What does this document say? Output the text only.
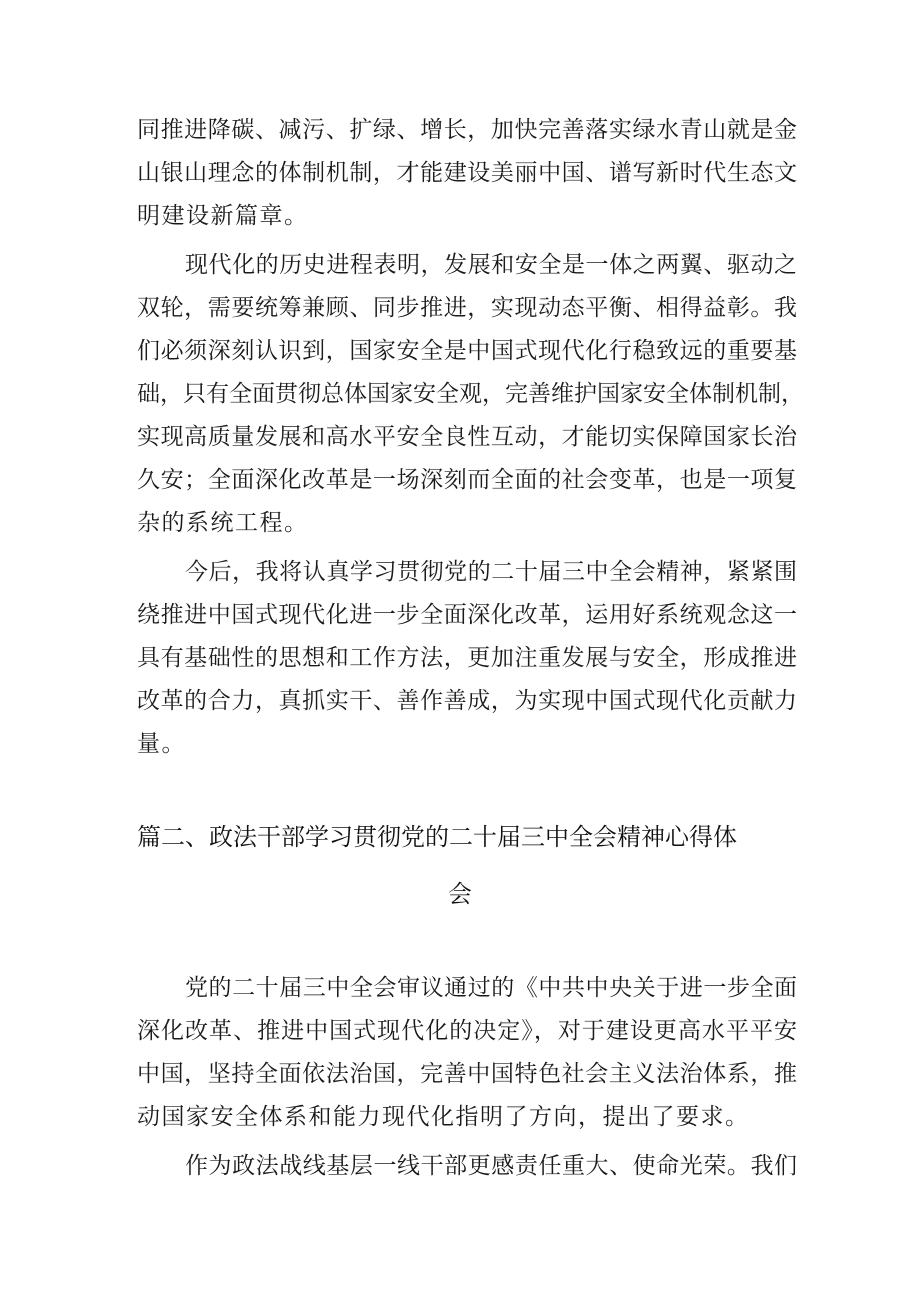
同推进降碳、减污、扩绿、增长，加快完善落实绿水青山就是金
山银山理念的体制机制，才能建设美丽中国、谱写新时代生态文
明建设新篇章。
现代化的历史进程表明，发展和安全是一体之两翼、驱动之
双轮，需要统筹兼顾、同步推进，实现动态平衡、相得益彰。我
们必须深刻认识到，国家安全是中国式现代化行稳致远的重要基
础，只有全面贯彻总体国家安全观，完善维护国家安全体制机制，
实现高质量发展和高水平安全良性互动，才能切实保障国家长治
久安；全面深化改革是一场深刻而全面的社会变革，也是一项复
杂的系统工程。
今后，我将认真学习贯彻党的二十届三中全会精神，紧紧围
绕推进中国式现代化进一步全面深化改革，运用好系统观念这一
具有基础性的思想和工作方法，更加注重发展与安全，形成推进
改革的合力，真抓实干、善作善成，为实现中国式现代化贡献力
量。
篇二、政法干部学习贯彻党的二十届三中全会精神心得体
会
党的二十届三中全会审议通过的《中共中央关于进一步全面
深化改革、推进中国式现代化的决定》，对于建设更高水平平安
中国，坚持全面依法治国，完善中国特色社会主义法治体系，推
动国家安全体系和能力现代化指明了方向，提出了要求。
作为政法战线基层一线干部更感责任重大、使命光荣。我们
